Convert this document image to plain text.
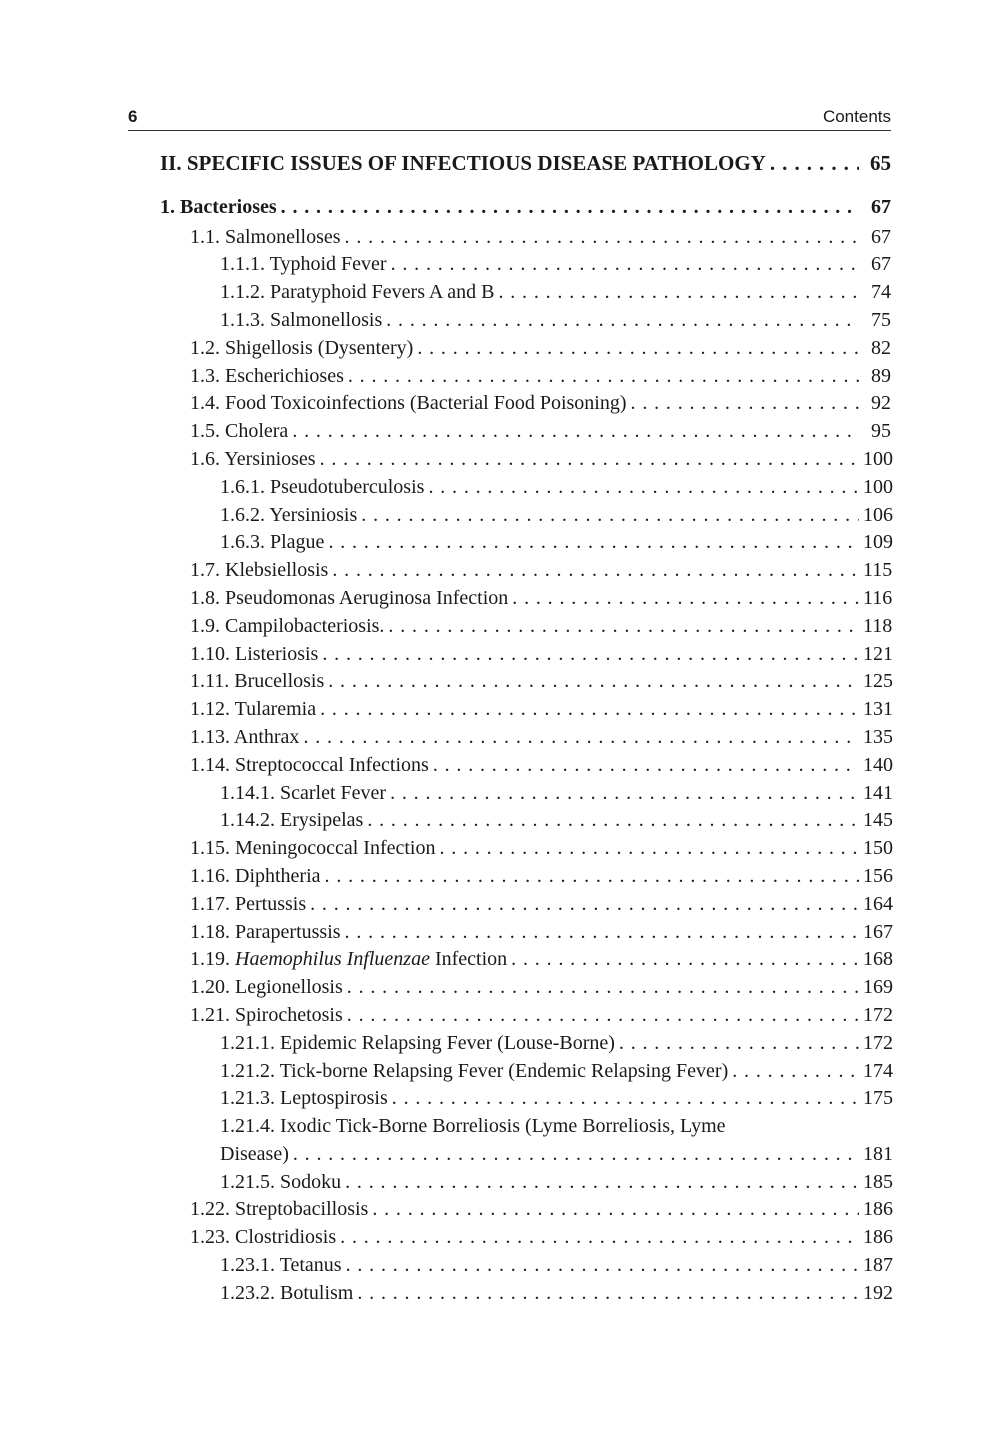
6	Contents
II. SPECIFIC ISSUES OF INFECTIOUS DISEASE PATHOLOGY . . .	65
1. Bacterioses . . .	67
1.1. Salmonelloses . . .	67
1.1.1. Typhoid Fever . . .	67
1.1.2. Paratyphoid Fevers A and B . . .	74
1.1.3. Salmonellosis . . .	75
1.2. Shigellosis (Dysentery) . . .	82
1.3. Escherichioses . . .	89
1.4. Food Toxicoinfections (Bacterial Food Poisoning) . . .	92
1.5. Cholera . . .	95
1.6. Yersinioses . . .	100
1.6.1. Pseudotuberculosis . . .	100
1.6.2. Yersiniosis . . .	106
1.6.3. Plague . . .	109
1.7. Klebsiellosis . . .	115
1.8. Pseudomonas Aeruginosa Infection . . .	116
1.9. Campilobacteriosis. . . .	118
1.10. Listeriosis . . .	121
1.11. Brucellosis . . .	125
1.12. Tularemia . . .	131
1.13. Anthrax . . .	135
1.14. Streptococcal Infections . . .	140
1.14.1. Scarlet Fever . . .	141
1.14.2. Erysipelas . . .	145
1.15. Meningococcal Infection . . .	150
1.16. Diphtheria . . .	156
1.17. Pertussis . . .	164
1.18. Parapertussis . . .	167
1.19. Haemophilus Influenzae Infection . . .	168
1.20. Legionellosis . . .	169
1.21. Spirochetosis . . .	172
1.21.1. Epidemic Relapsing Fever (Louse-Borne) . . .	172
1.21.2. Tick-borne Relapsing Fever (Endemic Relapsing Fever) . . .	174
1.21.3. Leptospirosis . . .	175
1.21.4. Ixodic Tick-Borne Borreliosis (Lyme Borreliosis, Lyme
Disease) . . .	181
1.21.5. Sodoku . . .	185
1.22. Streptobacillosis . . .	186
1.23. Clostridiosis . . .	186
1.23.1. Tetanus . . .	187
1.23.2. Botulism . . .	192
